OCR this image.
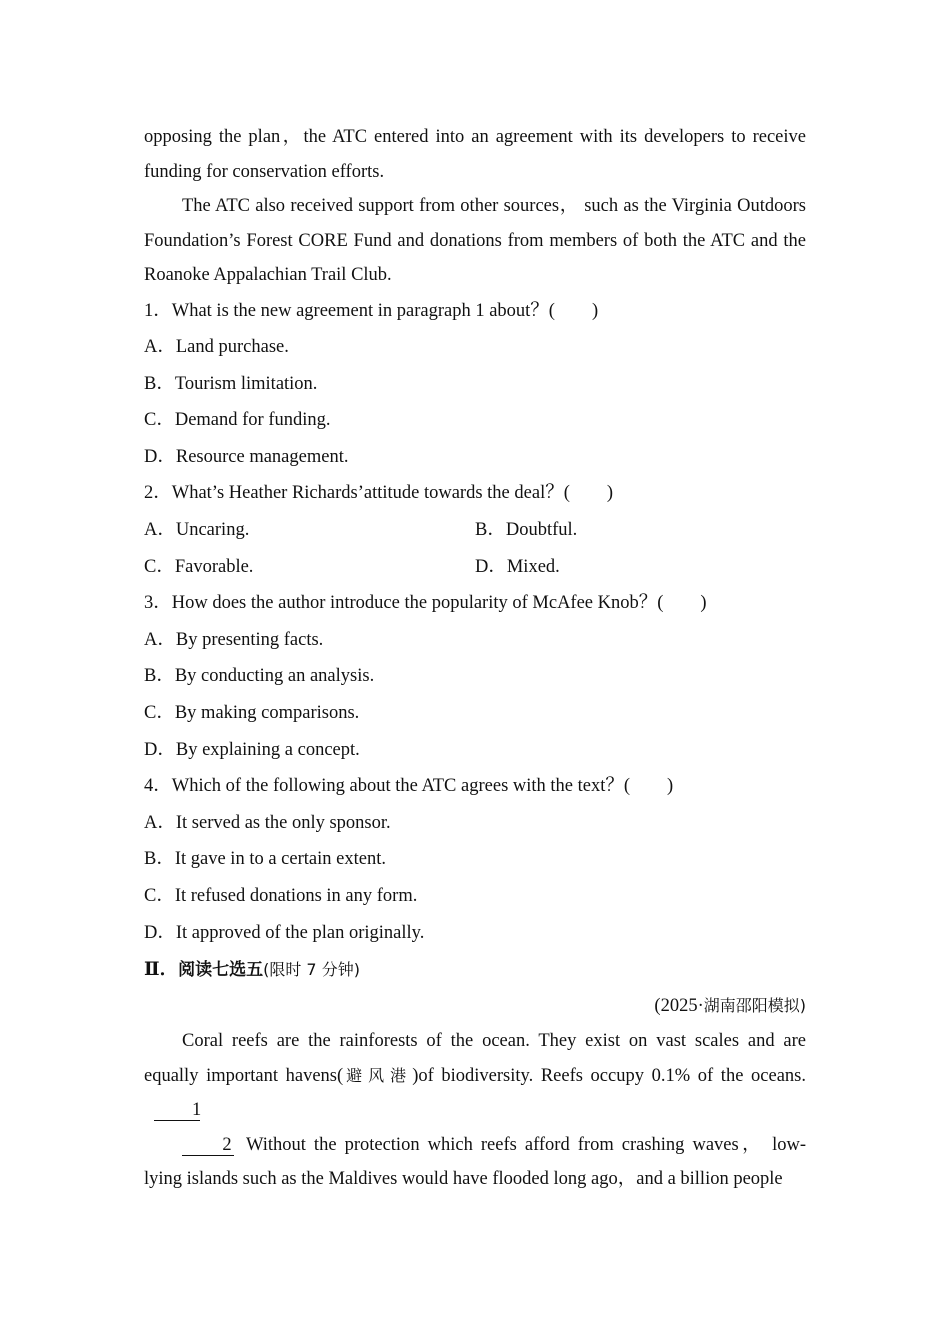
opposing the plan，the ATC entered into an agreement with its developers to receive funding for conservation efforts.

The ATC also received support from other sources， such as the Virginia Outdoors Foundation’s Forest CORE Fund and donations from members of both the ATC and the Roanoke Appalachian Trail Club.

1．What is the new agreement in paragraph 1 about？(　　)
A．Land purchase.
B．Tourism limitation.
C．Demand for funding.
D．Resource management.
2．What’s Heather Richards’attitude towards the deal？(　　)
A．Uncaring.	B．Doubtful.
C．Favorable.	D．Mixed.
3．How does the author introduce the popularity of McAfee Knob？(　　)
A．By presenting facts.
B．By conducting an analysis.
C．By making comparisons.
D．By explaining a concept.
4．Which of the following about the ATC agrees with the text？(　　)
A．It served as the only sponsor.
B．It gave in to a certain extent.
C．It refused donations in any form.
D．It approved of the plan originally.
Ⅱ．阅读七选五(限时 7 分钟)
(2025·湖南邵阳模拟)

Coral reefs are the rainforests of the ocean. They exist on vast scales and are equally important havens(避风港)of biodiversity. Reefs occupy 0.1% of the oceans.1

2 Without the protection which reefs afford from crashing waves， low-lying islands such as the Maldives would have flooded long ago，and a billion people
